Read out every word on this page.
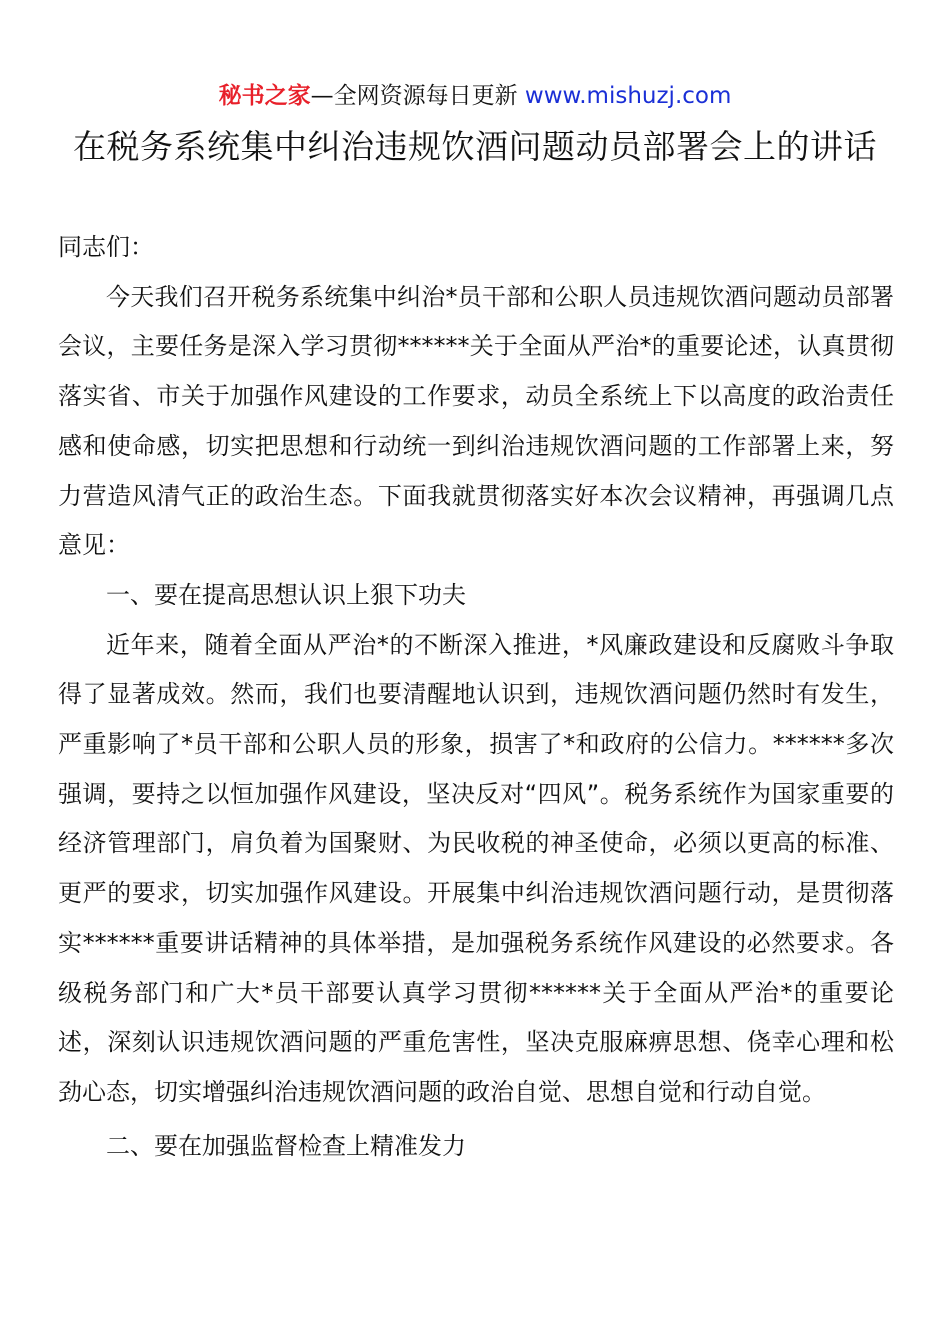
秘书之家—全网资源每日更新 www.mishuzj.com
在税务系统集中纠治违规饮酒问题动员部署会上的讲话

同志们：

今天我们召开税务系统集中纠治*员干部和公职人员违规饮酒问题动员部署会议，主要任务是深入学习贯彻******关于全面从严治*的重要论述，认真贯彻落实省、市关于加强作风建设的工作要求，动员全系统上下以高度的政治责任感和使命感，切实把思想和行动统一到纠治违规饮酒问题的工作部署上来，努力营造风清气正的政治生态。下面我就贯彻落实好本次会议精神，再强调几点意见：

一、要在提高思想认识上狠下功夫

近年来，随着全面从严治*的不断深入推进，*风廉政建设和反腐败斗争取得了显著成效。然而，我们也要清醒地认识到，违规饮酒问题仍然时有发生，严重影响了*员干部和公职人员的形象，损害了*和政府的公信力。******多次强调，要持之以恒加强作风建设，坚决反对“四风”。税务系统作为国家重要的经济管理部门，肩负着为国聚财、为民收税的神圣使命，必须以更高的标准、更严的要求，切实加强作风建设。开展集中纠治违规饮酒问题行动，是贯彻落实******重要讲话精神的具体举措，是加强税务系统作风建设的必然要求。各级税务部门和广大*员干部要认真学习贯彻******关于全面从严治*的重要论述，深刻认识违规饮酒问题的严重危害性，坚决克服麻痹思想、侥幸心理和松劲心态，切实增强纠治违规饮酒问题的政治自觉、思想自觉和行动自觉。

二、要在加强监督检查上精准发力
